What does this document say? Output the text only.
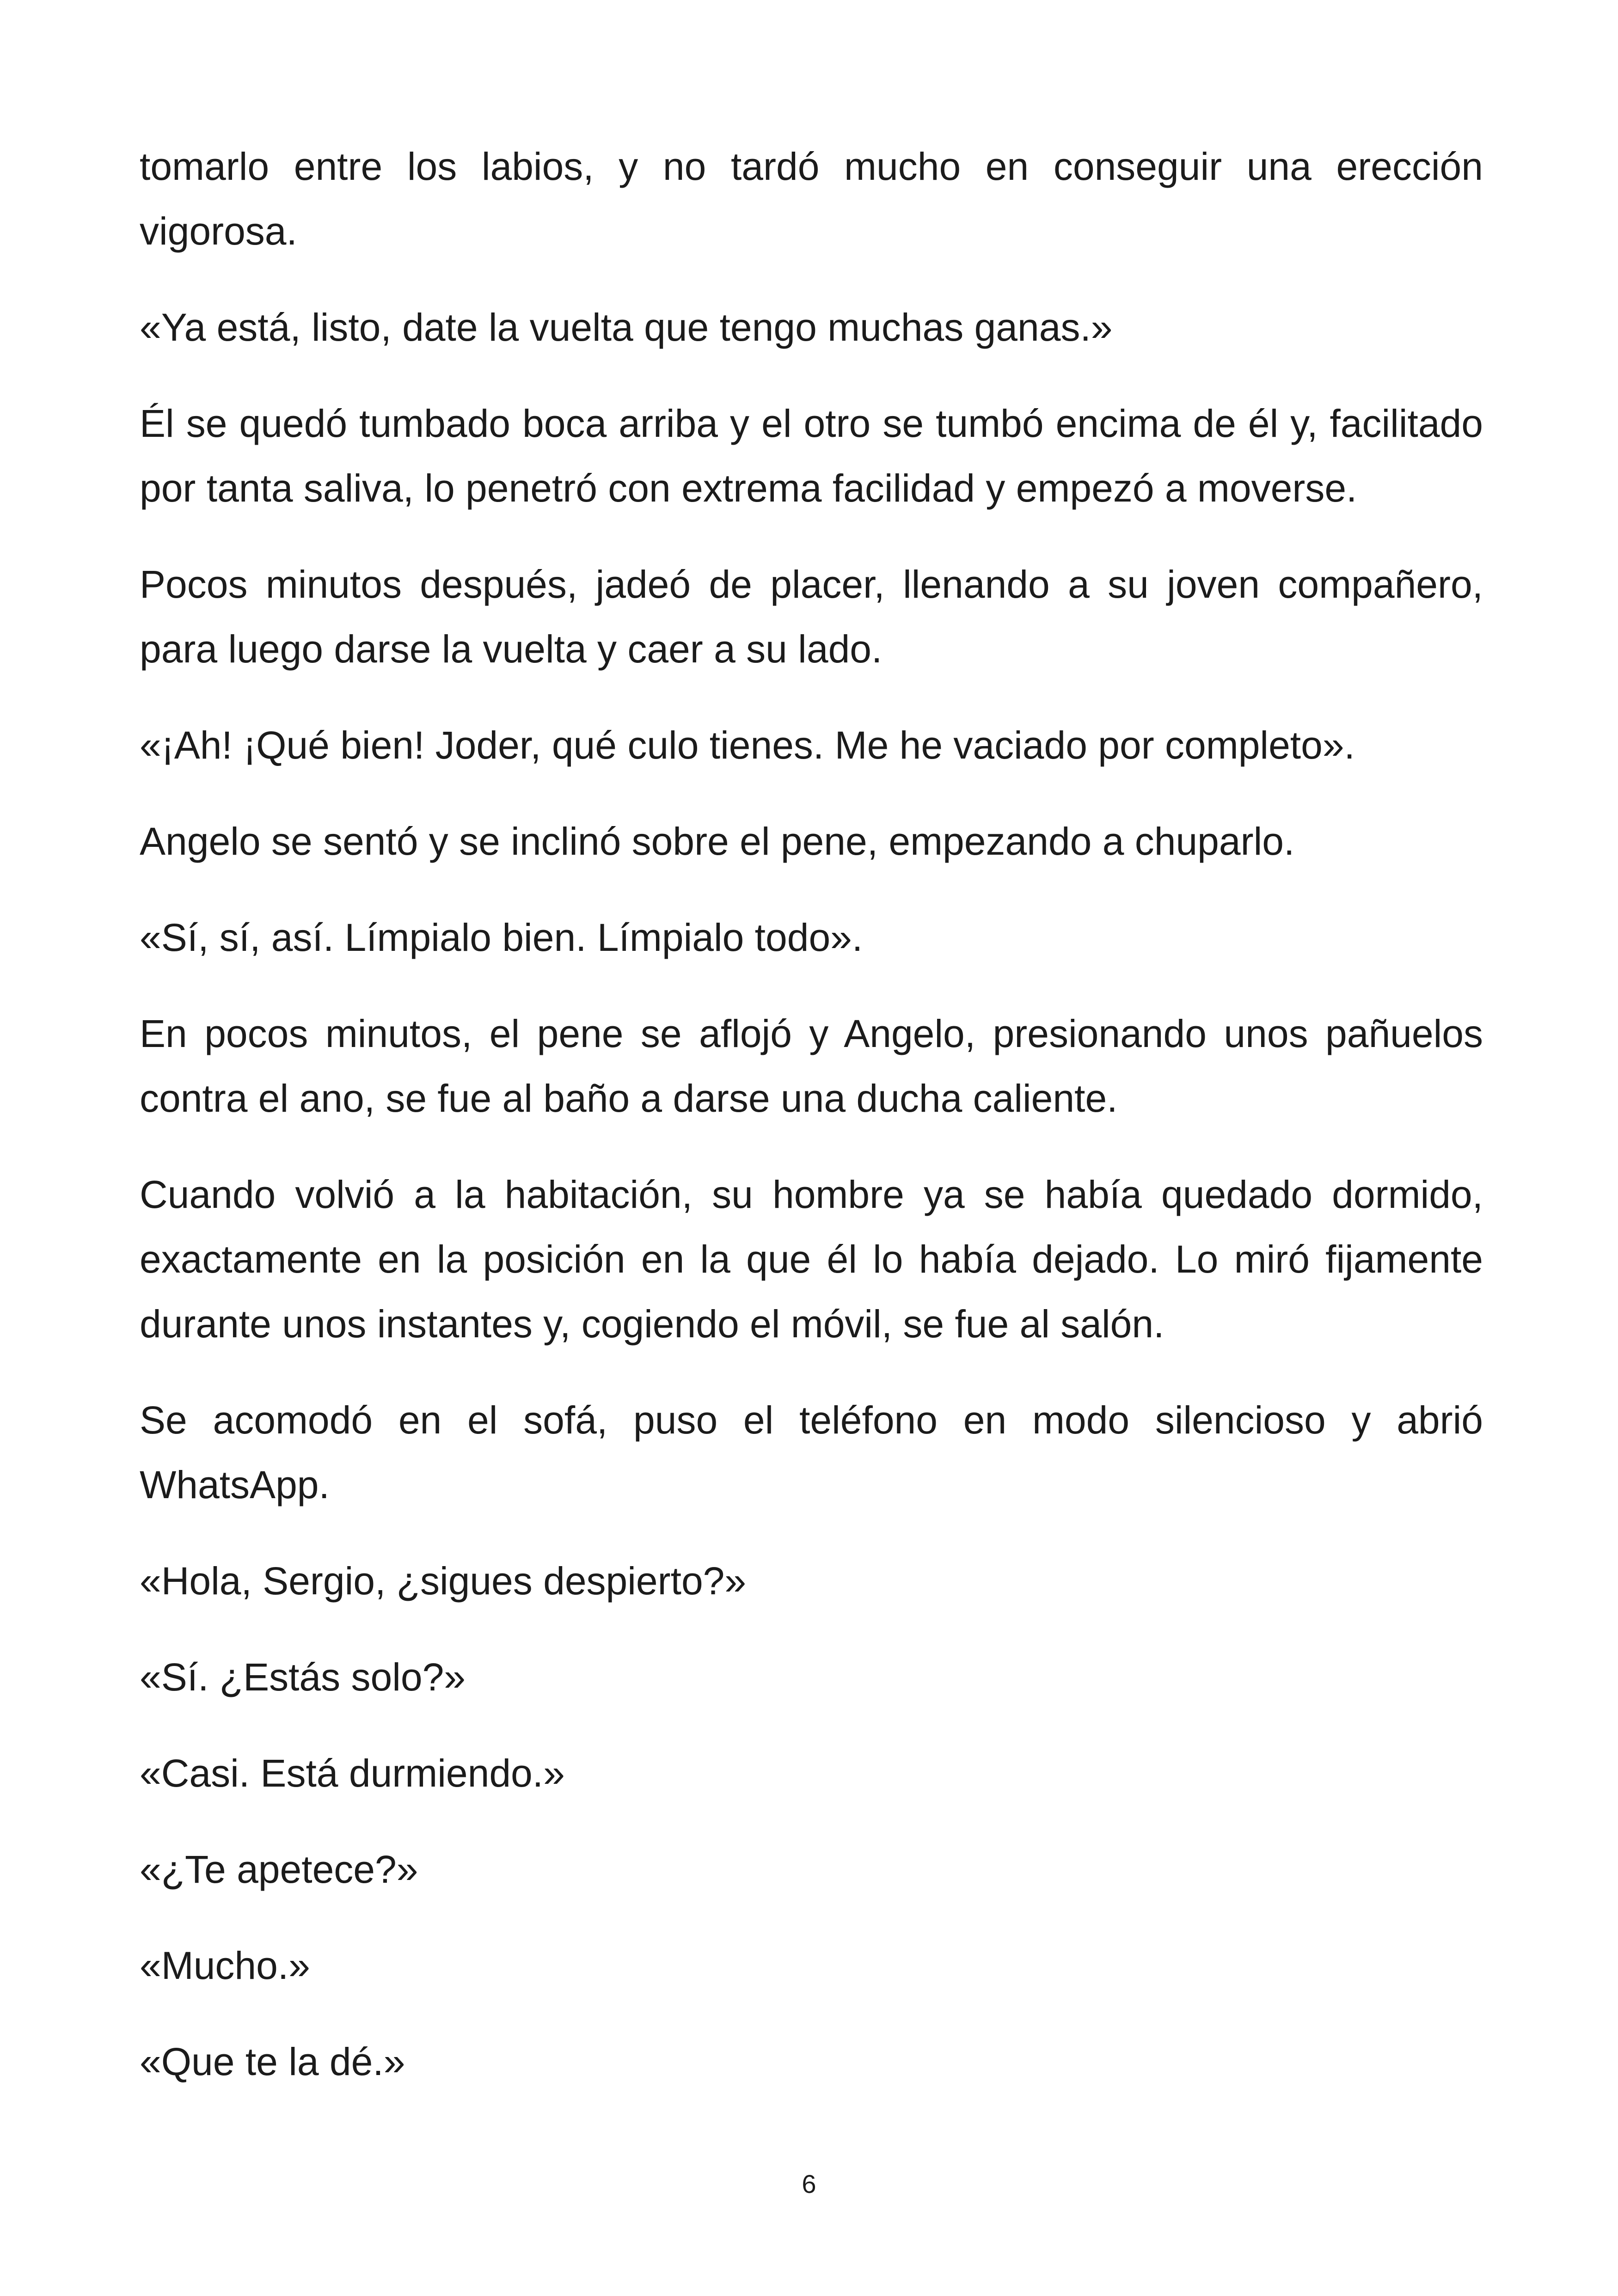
tomarlo entre los labios, y no tardó mucho en conseguir una erección vigorosa.

«Ya está, listo, date la vuelta que tengo muchas ganas.»

Él se quedó tumbado boca arriba y el otro se tumbó encima de él y, facilitado por tanta saliva, lo penetró con extrema facilidad y empezó a moverse.

Pocos minutos después, jadeó de placer, llenando a su joven compañero, para luego darse la vuelta y caer a su lado.

«¡Ah! ¡Qué bien! Joder, qué culo tienes. Me he vaciado por completo».

Angelo se sentó y se inclinó sobre el pene, empezando a chuparlo.

«Sí, sí, así. Límpialo bien. Límpialo todo».

En pocos minutos, el pene se aflojó y Angelo, presionando unos pañuelos contra el ano, se fue al baño a darse una ducha caliente.

Cuando volvió a la habitación, su hombre ya se había quedado dormido, exactamente en la posición en la que él lo había dejado. Lo miró fijamente durante unos instantes y, cogiendo el móvil, se fue al salón.

Se acomodó en el sofá, puso el teléfono en modo silencioso y abrió WhatsApp.

«Hola, Sergio, ¿sigues despierto?»

«Sí. ¿Estás solo?»

«Casi. Está durmiendo.»

«¿Te apetece?»

«Mucho.»

«Que te la dé.»

6
